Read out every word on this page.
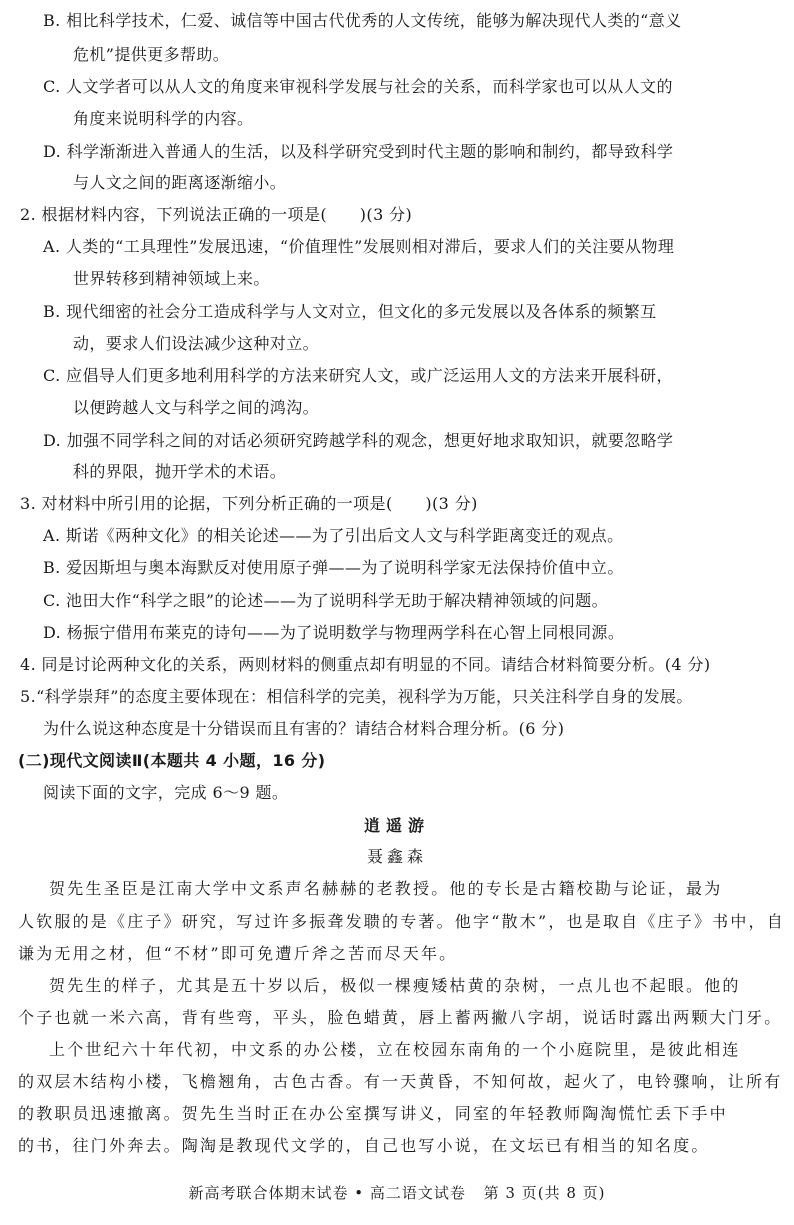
B. 相比科学技术，仁爱、诚信等中国古代优秀的人文传统，能够为解决现代人类的“意义
危机”提供更多帮助。
C. 人文学者可以从人文的角度来审视科学发展与社会的关系，而科学家也可以从人文的
角度来说明科学的内容。
D. 科学渐渐进入普通人的生活，以及科学研究受到时代主题的影响和制约，都导致科学
与人文之间的距离逐渐缩小。
2. 根据材料内容，下列说法正确的一项是(　　)(3 分)
A. 人类的“工具理性”发展迅速，“价值理性”发展则相对滞后，要求人们的关注要从物理
世界转移到精神领域上来。
B. 现代细密的社会分工造成科学与人文对立，但文化的多元发展以及各体系的频繁互
动，要求人们设法减少这种对立。
C. 应倡导人们更多地利用科学的方法来研究人文，或广泛运用人文的方法来开展科研，
以便跨越人文与科学之间的鸿沟。
D. 加强不同学科之间的对话必须研究跨越学科的观念，想更好地求取知识，就要忽略学
科的界限，抛开学术的术语。
3. 对材料中所引用的论据，下列分析正确的一项是(　　)(3 分)
A. 斯诺《两种文化》的相关论述——为了引出后文人文与科学距离变迁的观点。
B. 爱因斯坦与奥本海默反对使用原子弹——为了说明科学家无法保持价值中立。
C. 池田大作“科学之眼”的论述——为了说明科学无助于解决精神领域的问题。
D. 杨振宁借用布莱克的诗句——为了说明数学与物理两学科在心智上同根同源。
4. 同是讨论两种文化的关系，两则材料的侧重点却有明显的不同。请结合材料简要分析。(4 分)
5.“科学崇拜”的态度主要体现在：相信科学的完美，视科学为万能，只关注科学自身的发展。
为什么说这种态度是十分错误而且有害的？请结合材料合理分析。(6 分)
(二)现代文阅读Ⅱ(本题共 4 小题，16 分)
阅读下面的文字，完成 6～9 题。
逍遥游
聂鑫森
贺先生圣臣是江南大学中文系声名赫赫的老教授。他的专长是古籍校勘与论证，最为
人钦服的是《庄子》研究，写过许多振聋发聩的专著。他字“散木”，也是取自《庄子》书中，自
谦为无用之材，但“不材”即可免遭斤斧之苦而尽天年。
贺先生的样子，尤其是五十岁以后，极似一棵瘦矮枯黄的杂树，一点儿也不起眼。他的
个子也就一米六高，背有些弯，平头，脸色蜡黄，唇上蓄两撇八字胡，说话时露出两颗大门牙。
上个世纪六十年代初，中文系的办公楼，立在校园东南角的一个小庭院里，是彼此相连
的双层木结构小楼，飞檐翘角，古色古香。有一天黄昏，不知何故，起火了，电铃骤响，让所有
的教职员迅速撤离。贺先生当时正在办公室撰写讲义，同室的年轻教师陶淘慌忙丢下手中
的书，往门外奔去。陶淘是教现代文学的，自己也写小说，在文坛已有相当的知名度。
新高考联合体期末试卷 • 高二语文试卷 第 3 页(共 8 页)
